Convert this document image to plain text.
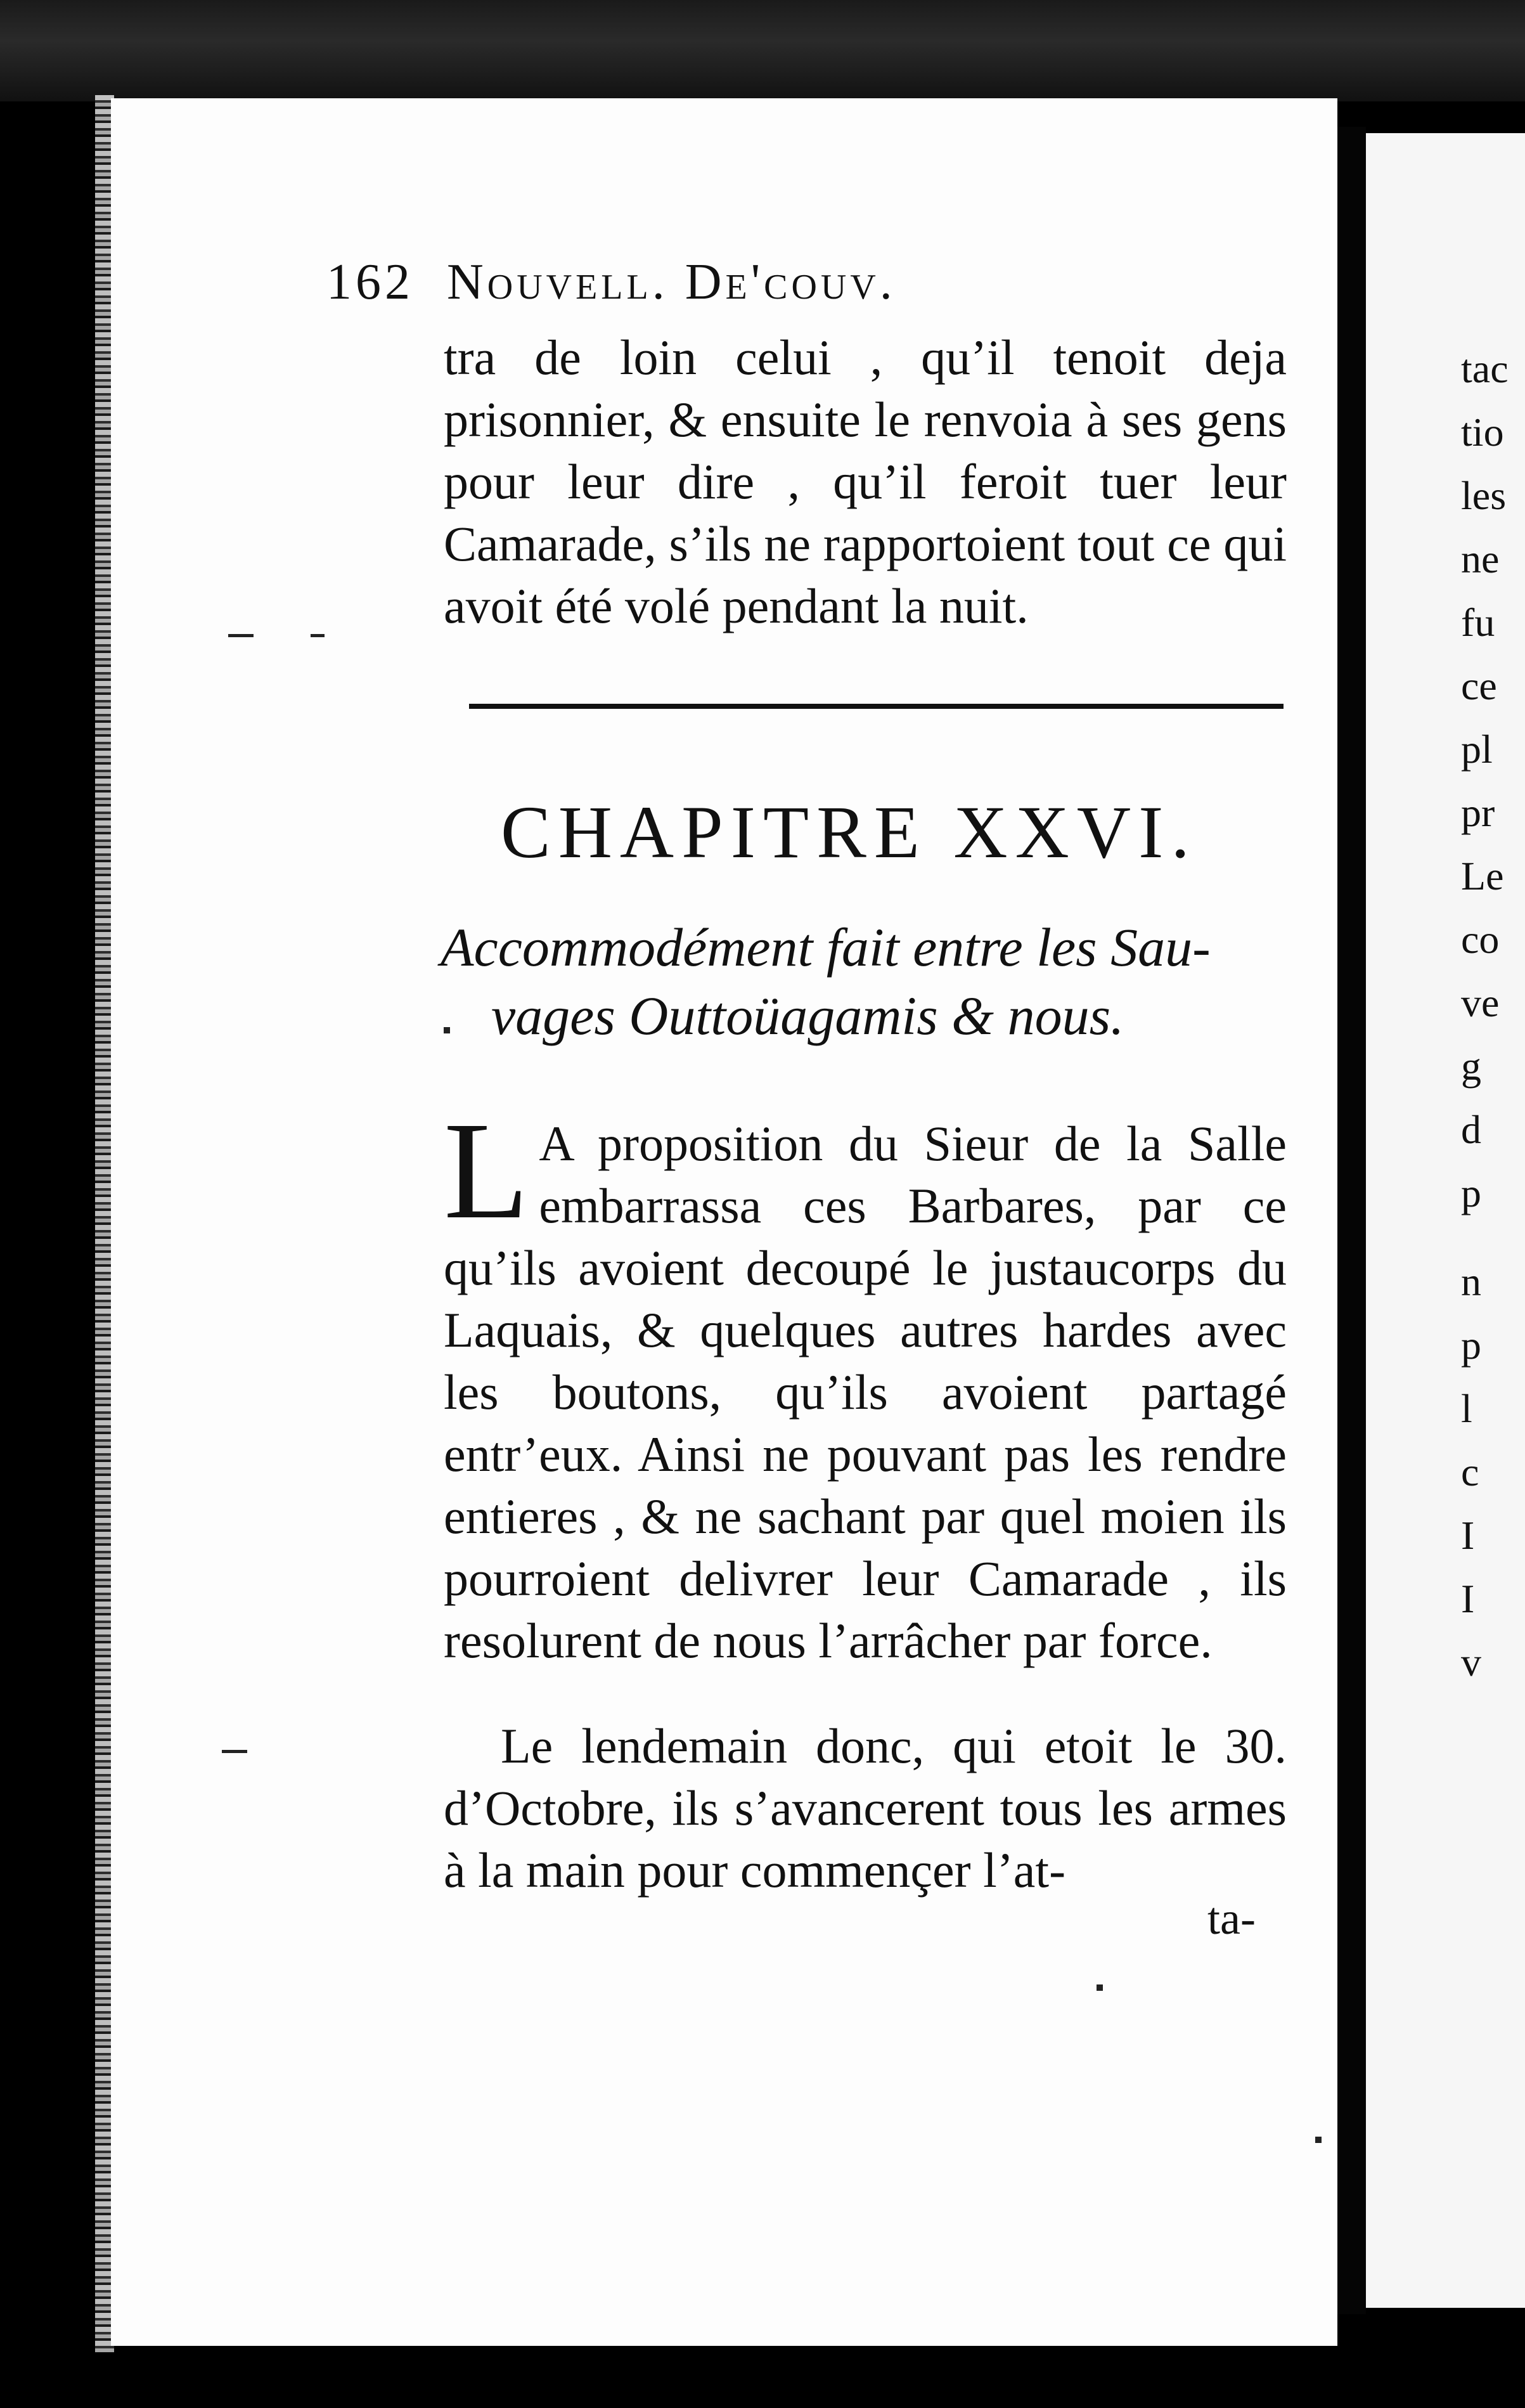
162 Nouvell. De'couv.
tra de loin celui , qu’il tenoit deja prisonnier, & ensuite le renvoia à ses gens pour leur dire , qu’il feroit tuer leur Camarade, s’ils ne rapportoient tout ce qui avoit été volé pendant la nuit.
CHAPITRE XXVI.
Accommodément fait entre les Sau-
vages Outtoüagamis & nous.
L A proposition du Sieur de la Salle embarrassa ces Barbares, par ce qu’ils avoient decoupé le justaucorps du Laquais, & quelques autres hardes avec les boutons, qu’ils avoient partagé entr’eux. Ainsi ne pouvant pas les rendre entieres , & ne sachant par quel moien ils pourroient delivrer leur Camarade , ils resolurent de nous l’arrâcher par force.
Le lendemain donc, qui etoit le 30. d’Octobre, ils s’avancerent tous les armes à la main pour commençer l’at-
ta-
tac
tio
les
ne
fu
ce
pl
pr
Le
co
ve
g
d
p
n
p
l
c
I
I
v
